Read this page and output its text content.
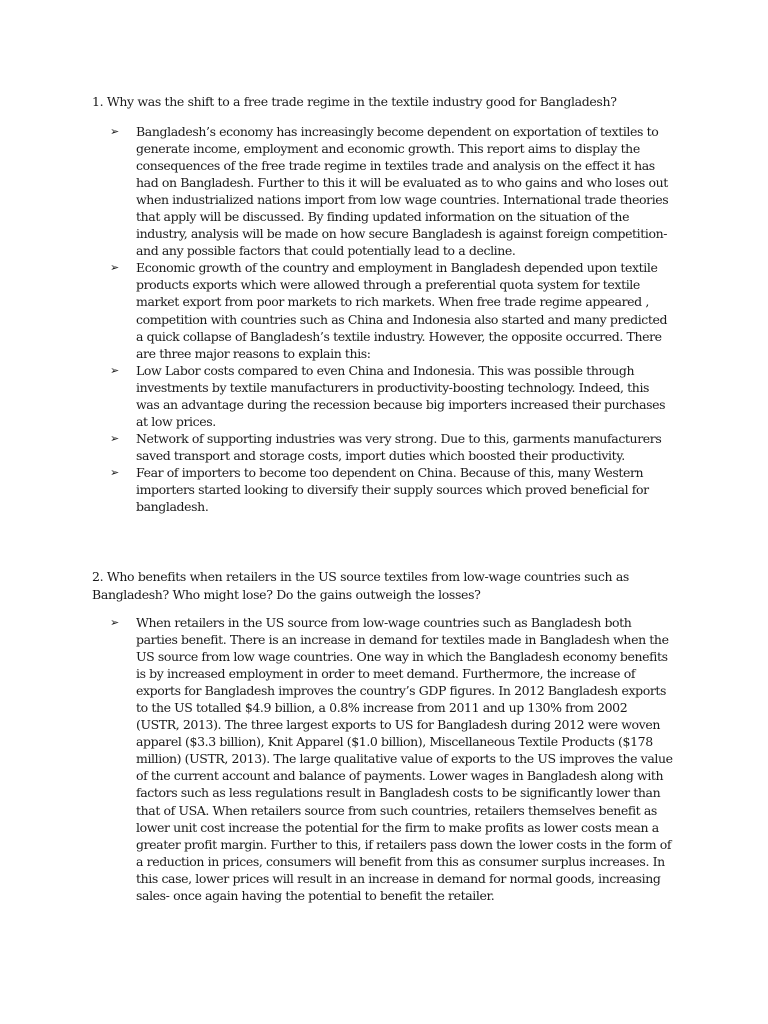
1. Why was the shift to a free trade regime in the textile industry good for Bangladesh?

➢ Bangladesh’s economy has increasingly become dependent on exportation of textiles to generate income, employment and economic growth. This report aims to display the consequences of the free trade regime in textiles trade and analysis on the effect it has had on Bangladesh. Further to this it will be evaluated as to who gains and who loses out when industrialized nations import from low wage countries. International trade theories that apply will be discussed. By finding updated information on the situation of the industry, analysis will be made on how secure Bangladesh is against foreign competition- and any possible factors that could potentially lead to a decline.
➢ Economic growth of the country and employment in Bangladesh depended upon textile products exports which were allowed through a preferential quota system for textile market export from poor markets to rich markets. When free trade regime appeared , competition with countries such as China and Indonesia also started and many predicted a quick collapse of Bangladesh’s textile industry. However, the opposite occurred. There are three major reasons to explain this:
➢ Low Labor costs compared to even China and Indonesia. This was possible through investments by textile manufacturers in productivity-boosting technology. Indeed, this was an advantage during the recession because big importers increased their purchases at low prices.
➢ Network of supporting industries was very strong. Due to this, garments manufacturers saved transport and storage costs, import duties which boosted their productivity.
➢ Fear of importers to become too dependent on China. Because of this, many Western importers started looking to diversify their supply sources which proved beneficial for bangladesh.

2. Who benefits when retailers in the US source textiles from low-wage countries such as Bangladesh? Who might lose? Do the gains outweigh the losses?

➢ When retailers in the US source from low-wage countries such as Bangladesh both parties benefit. There is an increase in demand for textiles made in Bangladesh when the US source from low wage countries. One way in which the Bangladesh economy benefits is by increased employment in order to meet demand. Furthermore, the increase of exports for Bangladesh improves the country’s GDP figures. In 2012 Bangladesh exports to the US totalled $4.9 billion, a 0.8% increase from 2011 and up 130% from 2002 (USTR, 2013). The three largest exports to US for Bangladesh during 2012 were woven apparel ($3.3 billion), Knit Apparel ($1.0 billion), Miscellaneous Textile Products ($178 million) (USTR, 2013). The large qualitative value of exports to the US improves the value of the current account and balance of payments. Lower wages in Bangladesh along with factors such as less regulations result in Bangladesh costs to be significantly lower than that of USA. When retailers source from such countries, retailers themselves benefit as lower unit cost increase the potential for the firm to make profits as lower costs mean a greater profit margin. Further to this, if retailers pass down the lower costs in the form of a reduction in prices, consumers will benefit from this as consumer surplus increases. In this case, lower prices will result in an increase in demand for normal goods, increasing sales- once again having the potential to benefit the retailer.
